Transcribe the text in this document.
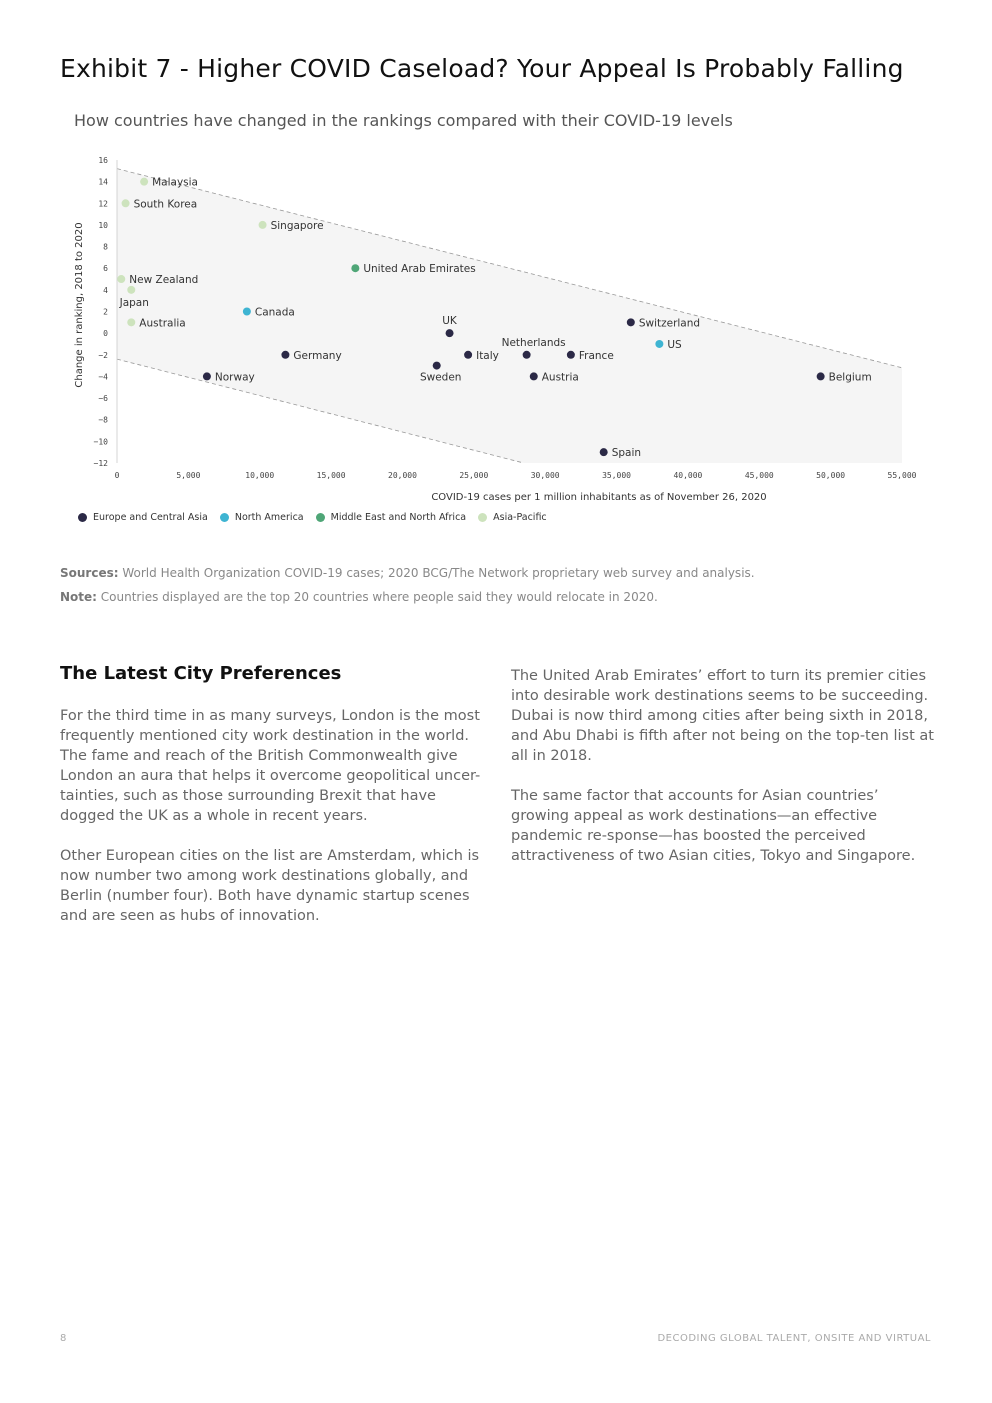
Exhibit 7 - Higher COVID Caseload? Your Appeal Is Probably Falling

How countries have changed in the rankings compared with their COVID-19 levels

0	5,000	10,000	15,000	20,000	25,000	30,000	35,000	40,000	45,000	50,000	55,000
16
14
12
10
8
6
4
2
0
−2
−4
−6
−8
−10
−12
Malaysia
South Korea
Singapore
New Zealand
Japan
Australia
United Arab Emirates
Canada
US
Norway
Germany
UK
Sweden
Italy
Netherlands
France
Austria
Switzerland
Belgium
Spain
COVID-19 cases per 1 million inhabitants as of November 26, 2020
Change in ranking, 2018 to 2020
Europe and Central Asia	North America	Middle East and North Africa	Asia-Pacific
Sources: World Health Organization COVID-19 cases; 2020 BCG/The Network proprietary web survey and analysis.
Note: Countries displayed are the top 20 countries where people said they would relocate in 2020.
The Latest City Preferences

For the third time in as many surveys, London is the most frequently mentioned city work destination in the world. The fame and reach of the British Commonwealth give London an aura that helps it overcome geopolitical uncer-tainties, such as those surrounding Brexit that have dogged the UK as a whole in recent years.

Other European cities on the list are Amsterdam, which is now number two among work destinations globally, and Berlin (number four). Both have dynamic startup scenes and are seen as hubs of innovation.

The United Arab Emirates’ effort to turn its premier cities into desirable work destinations seems to be succeeding. Dubai is now third among cities after being sixth in 2018, and Abu Dhabi is fifth after not being on the top-ten list at all in 2018.

The same factor that accounts for Asian countries’ growing appeal as work destinations—an effective pandemic re-sponse—has boosted the perceived attractiveness of two Asian cities, Tokyo and Singapore.

8	DECODING GLOBAL TALENT, ONSITE AND VIRTUAL
